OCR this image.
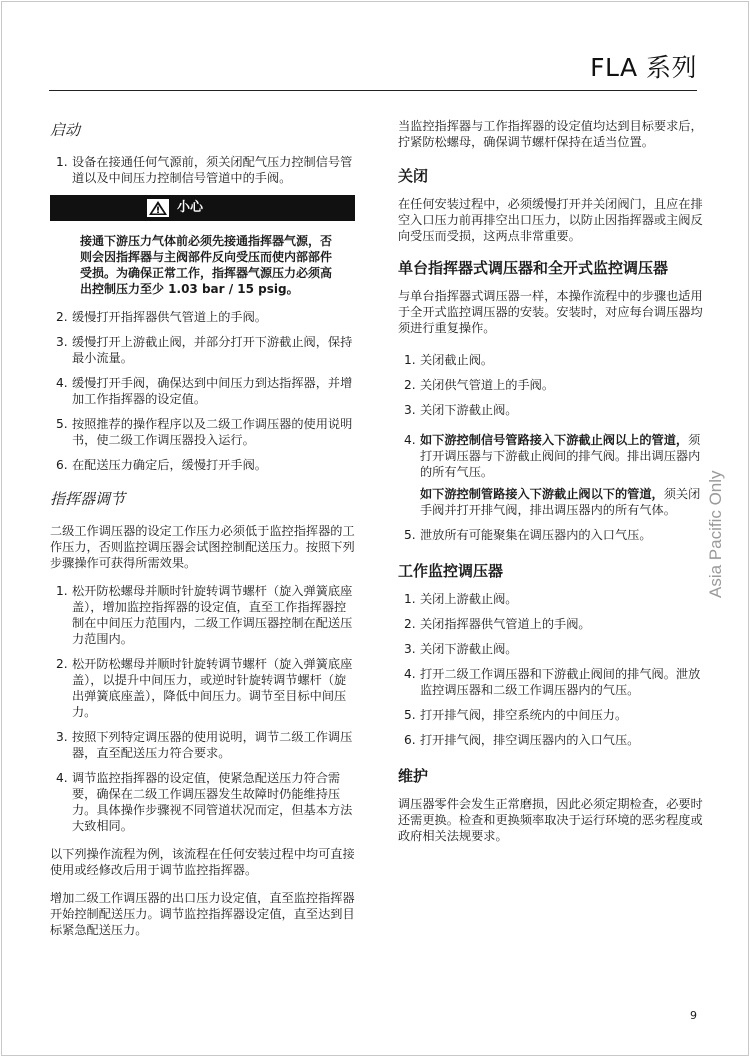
FLA 系列
启动
1. 设备在接通任何气源前，须关闭配气压力控制信号管道以及中间压力控制信号管道中的手阀。
小心
接通下游压力气体前必须先接通指挥器气源，否则会因指挥器与主阀部件反向受压而使内部部件受损。为确保正常工作，指挥器气源压力必须高出控制压力至少 1.03 bar / 15 psig。
2. 缓慢打开指挥器供气管道上的手阀。
3. 缓慢打开上游截止阀，并部分打开下游截止阀，保持最小流量。
4. 缓慢打开手阀，确保达到中间压力到达指挥器，并增加工作指挥器的设定值。
5. 按照推荐的操作程序以及二级工作调压器的使用说明书，使二级工作调压器投入运行。
6. 在配送压力确定后，缓慢打开手阀。
指挥器调节
二级工作调压器的设定工作压力必须低于监控指挥器的工作压力，否则监控调压器会试图控制配送压力。按照下列步骤操作可获得所需效果。
1. 松开防松螺母并顺时针旋转调节螺杆（旋入弹簧底座盖），增加监控指挥器的设定值，直至工作指挥器控制在中间压力范围内，二级工作调压器控制在配送压力范围内。
2. 松开防松螺母并顺时针旋转调节螺杆（旋入弹簧底座盖），以提升中间压力，或逆时针旋转调节螺杆（旋出弹簧底座盖），降低中间压力。调节至目标中间压力。
3. 按照下列特定调压器的使用说明，调节二级工作调压器，直至配送压力符合要求。
4. 调节监控指挥器的设定值，使紧急配送压力符合需要，确保在二级工作调压器发生故障时仍能维持压力。具体操作步骤视不同管道状况而定，但基本方法大致相同。
以下列操作流程为例，该流程在任何安装过程中均可直接使用或经修改后用于调节监控指挥器。
增加二级工作调压器的出口压力设定值，直至监控指挥器开始控制配送压力。调节监控指挥器设定值，直至达到目标紧急配送压力。
当监控指挥器与工作指挥器的设定值均达到目标要求后，拧紧防松螺母，确保调节螺杆保持在适当位置。
关闭
在任何安装过程中，必须缓慢打开并关闭阀门，且应在排空入口压力前再排空出口压力，以防止因指挥器或主阀反向受压而受损，这两点非常重要。
单台指挥器式调压器和全开式监控调压器
与单台指挥器式调压器一样，本操作流程中的步骤也适用于全开式监控调压器的安装。安装时，对应每台调压器均须进行重复操作。
1. 关闭截止阀。
2. 关闭供气管道上的手阀。
3. 关闭下游截止阀。
4. 如下游控制信号管路接入下游截止阀以上的管道，须打开调压器与下游截止阀间的排气阀。排出调压器内的所有气压。
如下游控制管路接入下游截止阀以下的管道，须关闭手阀并打开排气阀，排出调压器内的所有气体。
5. 泄放所有可能聚集在调压器内的入口气压。
工作监控调压器
1. 关闭上游截止阀。
2. 关闭指挥器供气管道上的手阀。
3. 关闭下游截止阀。
4. 打开二级工作调压器和下游截止阀间的排气阀。泄放监控调压器和二级工作调压器内的气压。
5. 打开排气阀，排空系统内的中间压力。
6. 打开排气阀，排空调压器内的入口气压。
维护
调压器零件会发生正常磨损，因此必须定期检查，必要时还需更换。检查和更换频率取决于运行环境的恶劣程度或政府相关法规要求。
Asia Pacific Only
9
